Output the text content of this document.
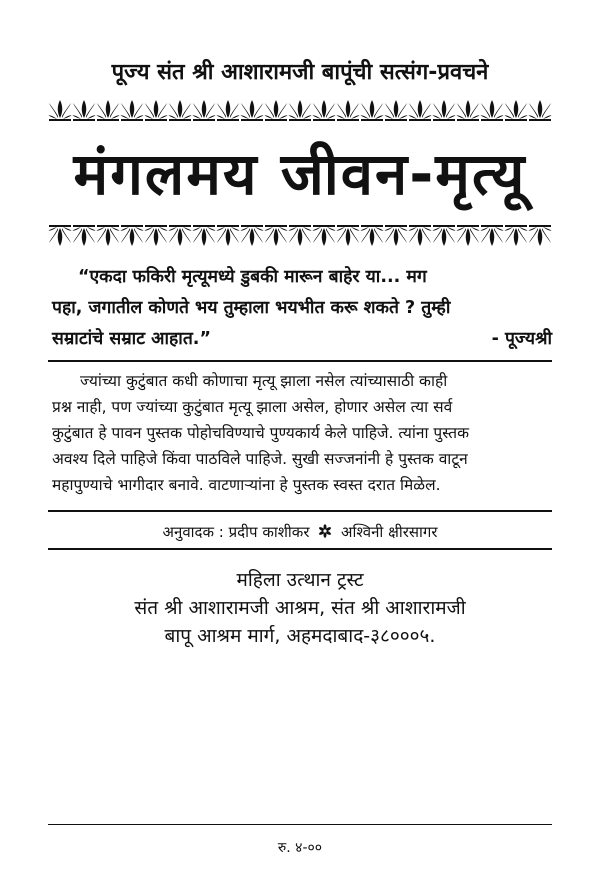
पूज्य संत श्री आशारामजी बापूंची सत्संग-प्रवचने
मंगलमय जीवन-मृत्यू
“एकदा फकिरी मृत्यूमध्ये डुबकी मारून बाहेर या... मग
पहा, जगातील कोणते भय तुम्हाला भयभीत करू शकते ? तुम्ही
सम्राटांचे सम्राट आहात.”	- पूज्यश्री
ज्यांच्या कुटुंबात कधी कोणाचा मृत्यू झाला नसेल त्यांच्यासाठी काही
प्रश्न नाही, पण ज्यांच्या कुटुंबात मृत्यू झाला असेल, होणार असेल त्या सर्व
कुटुंबात हे पावन पुस्तक पोहोचविण्याचे पुण्यकार्य केले पाहिजे. त्यांना पुस्तक
अवश्य दिले पाहिजे किंवा पाठविले पाहिजे. सुखी सज्जनांनी हे पुस्तक वाटून
महापुण्याचे भागीदार बनावे. वाटणाऱ्यांना हे पुस्तक स्वस्त दरात मिळेल.
अनुवादक : प्रदीप काशीकर अश्विनी क्षीरसागर
महिला उत्थान ट्रस्ट
संत श्री आशारामजी आश्रम, संत श्री आशारामजी
बापू आश्रम मार्ग, अहमदाबाद-३८०००५.
रु. ४-००
